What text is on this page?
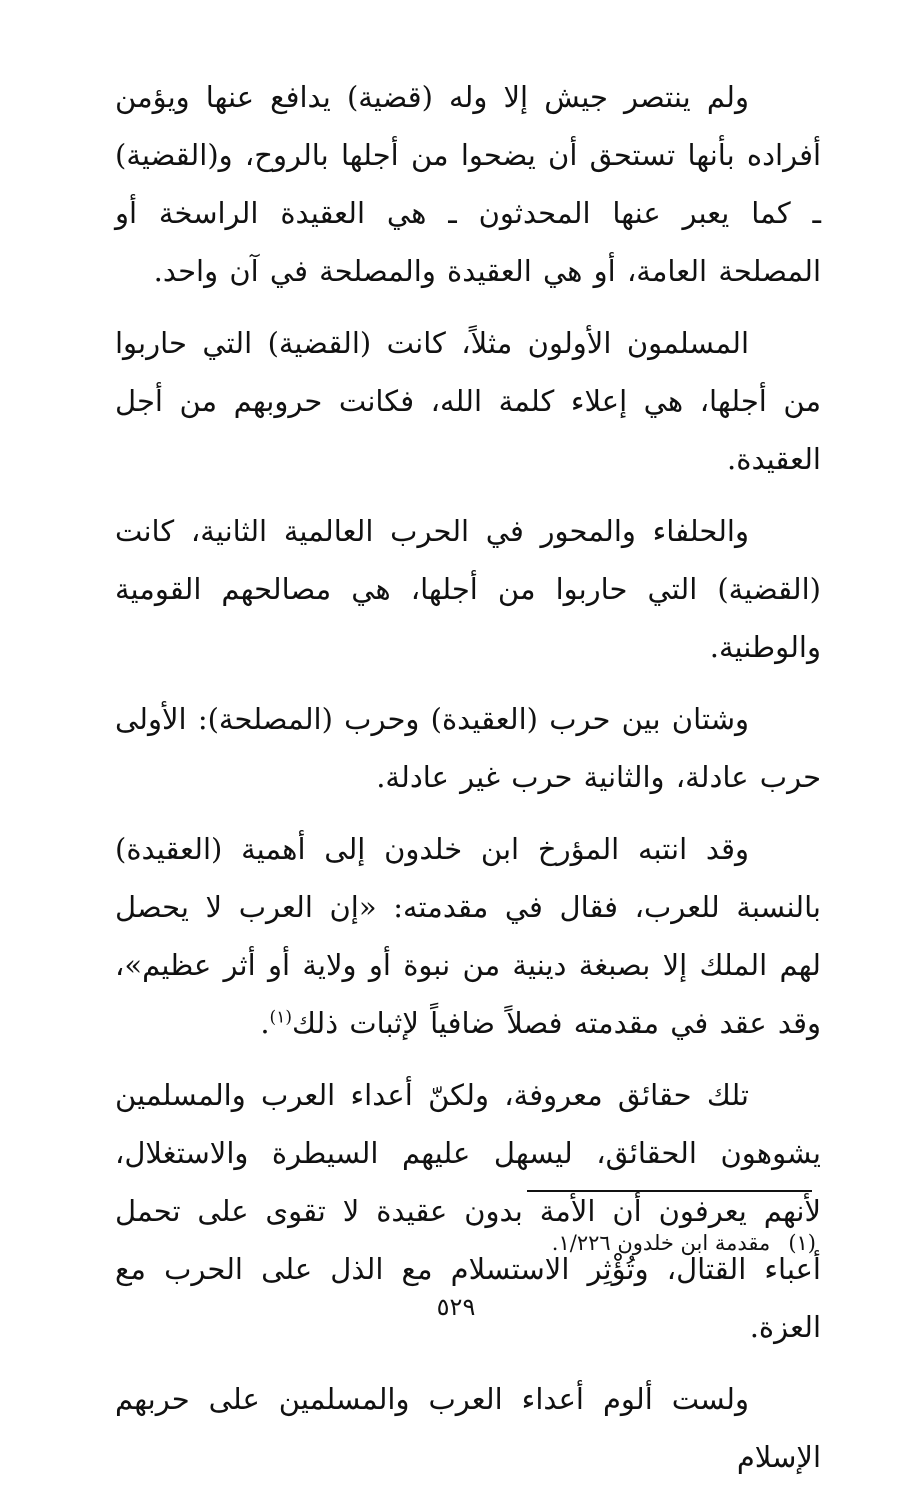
ولم ينتصر جيش إلا وله (قضية) يدافع عنها ويؤمن أفراده بأنها تستحق أن يضحوا من أجلها بالروح، و(القضية) ـ كما يعبر عنها المحدثون ـ هي العقيدة الراسخة أو المصلحة العامة، أو هي العقيدة والمصلحة في آن واحد.

المسلمون الأولون مثلاً، كانت (القضية) التي حاربوا من أجلها، هي إعلاء كلمة الله، فكانت حروبهم من أجل العقيدة.

والحلفاء والمحور في الحرب العالمية الثانية، كانت (القضية) التي حاربوا من أجلها، هي مصالحهم القومية والوطنية.

وشتان بين حرب (العقيدة) وحرب (المصلحة): الأولى حرب عادلة، والثانية حرب غير عادلة.

وقد انتبه المؤرخ ابن خلدون إلى أهمية (العقيدة) بالنسبة للعرب، فقال في مقدمته: «إن العرب لا يحصل لهم الملك إلا بصبغة دينية من نبوة أو ولاية أو أثر عظيم»، وقد عقد في مقدمته فصلاً ضافياً لإثبات ذلك$^{(١)}$.

تلك حقائق معروفة، ولكنّ أعداء العرب والمسلمين يشوهون الحقائق، ليسهل عليهم السيطرة والاستغلال، لأنهم يعرفون أن الأمة بدون عقيدة لا تقوى على تحمل أعباء القتال، وتُؤْثِر الاستسلام مع الذل على الحرب مع العزة.

ولست ألوم أعداء العرب والمسلمين على حربهم الإسلام

(١)مقدمة ابن خلدون ١/٢٢٦.
٥٢٩
